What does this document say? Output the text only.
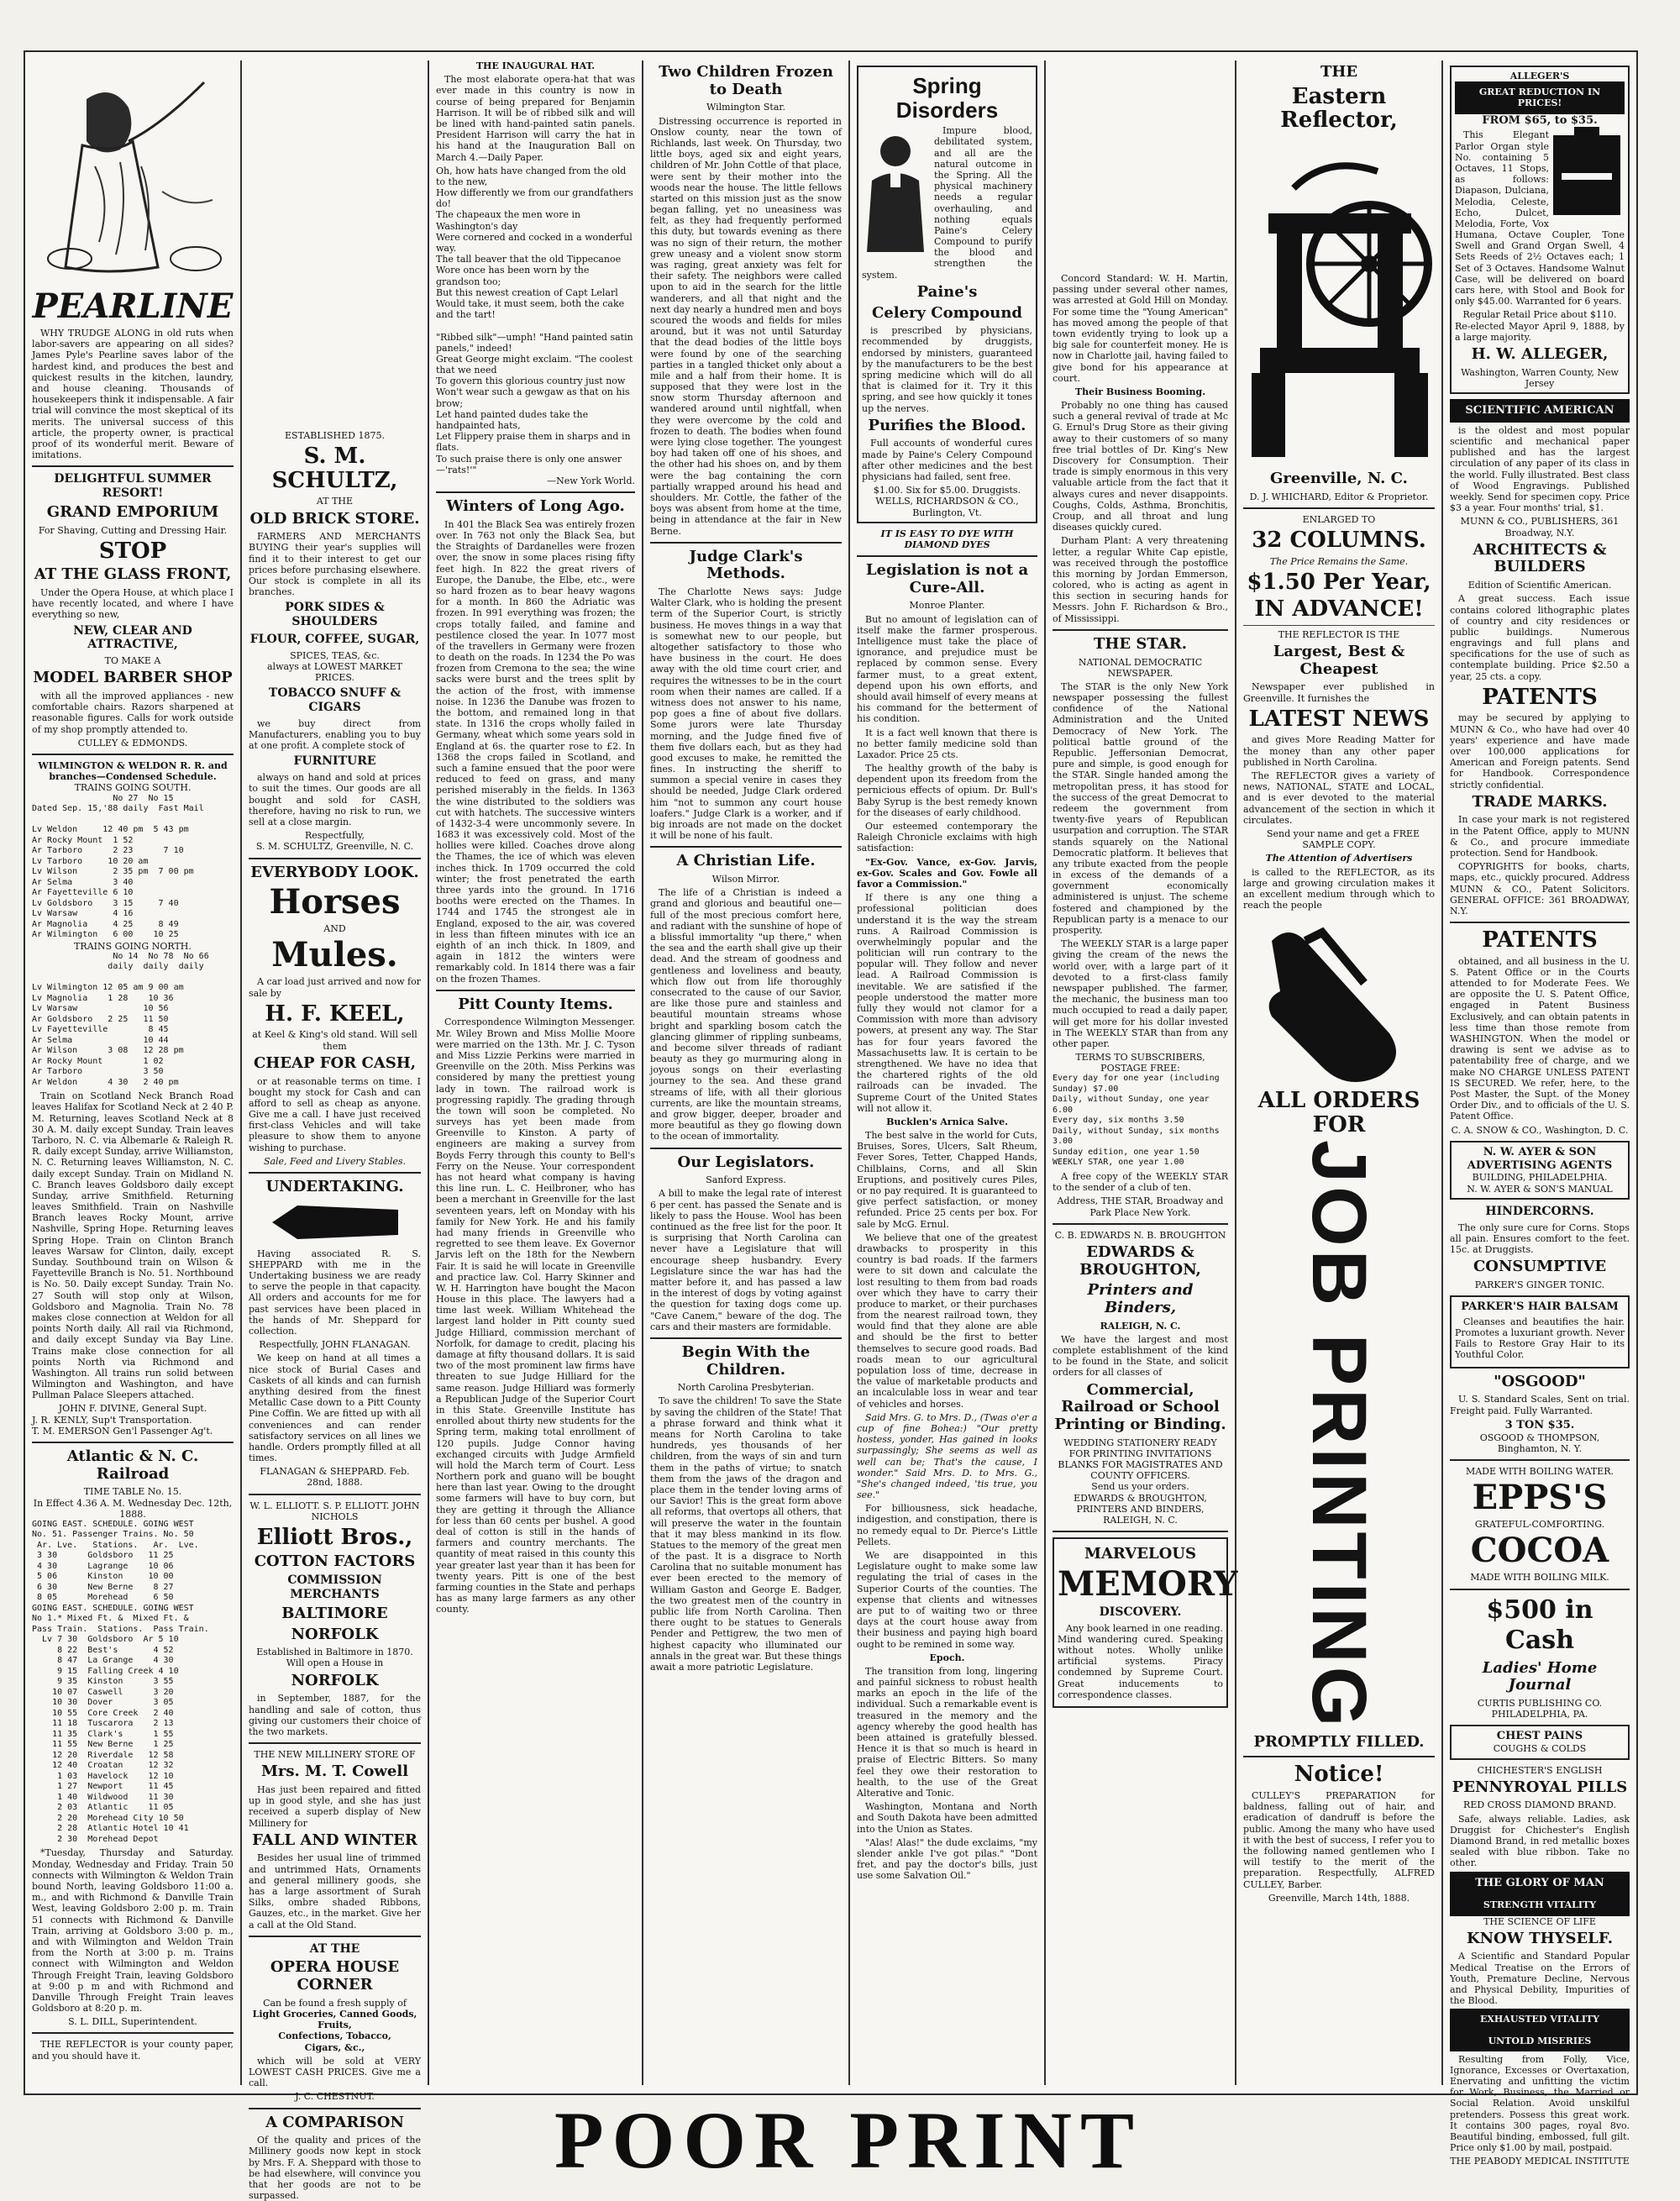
PEARLINE

WHY TRUDGE ALONG in old ruts when labor-savers are appearing on all sides? James Pyle's Pearline saves labor of the hardest kind, and produces the best and quickest results in the kitchen, laundry, and house cleaning. Thousands of housekeepers think it indispensable. A fair trial will convince the most skeptical of its merits. The universal success of this article, the property owner, is practical proof of its wonderful merit. Beware of imitations.

DELIGHTFUL SUMMER RESORT!
GRAND EMPORIUM
For Shaving, Cutting and Dressing Hair.
STOP
AT THE GLASS FRONT,

Under the Opera House, at which place I have recently located, and where I have everything so new,

NEW, CLEAR AND ATTRACTIVE,
TO MAKE A
MODEL BARBER SHOP

with all the improved appliances - new comfortable chairs. Razors sharpened at reasonable figures. Calls for work outside of my shop promptly attended to.

CULLEY & EDMONDS.
WILMINGTON & WELDON R. R. and branches—Condensed Schedule.
TRAINS GOING SOUTH.
No 27  No 15
Dated Sep. 15,'88 daily  Fast Mail

Lv Weldon     12 40 pm  5 43 pm
Ar Rocky Mount  1 52
Ar Tarboro      2 23      7 10
Lv Tarboro     10 20 am
Lv Wilson       2 35 pm  7 00 pm
Ar Selma        3 40
Ar Fayetteville 6 10
Lv Goldsboro    3 15     7 40
Lv Warsaw       4 16
Ar Magnolia     4 25     8 49
Ar Wilmington   6 00    10 25
TRAINS GOING NORTH.
No 14  No 78  No 66
daily  daily  daily

Lv Wilmington 12 05 am 9 00 am
Lv Magnolia    1 28    10 36
Lv Warsaw             10 56
Ar Goldsboro   2 25   11 50
Lv Fayetteville        8 45
Ar Selma              10 44
Ar Wilson      3 08   12 28 pm
Ar Rocky Mount        1 02
Ar Tarboro            3 50
Ar Weldon      4 30   2 40 pm

Train on Scotland Neck Branch Road leaves Halifax for Scotland Neck at 2 40 P. M. Returning, leaves Scotland Neck at 8 30 A. M. daily except Sunday. Train leaves Tarboro, N. C. via Albemarle & Raleigh R. R. daily except Sunday, arrive Williamston, N. C. Returning leaves Williamston, N. C. daily except Sunday. Train on Midland N. C. Branch leaves Goldsboro daily except Sunday, arrive Smithfield. Returning leaves Smithfield. Train on Nashville Branch leaves Rocky Mount, arrive Nashville, Spring Hope. Returning leaves Spring Hope. Train on Clinton Branch leaves Warsaw for Clinton, daily, except Sunday. Southbound train on Wilson & Fayetteville Branch is No. 51. Northbound is No. 50. Daily except Sunday. Train No. 27 South will stop only at Wilson, Goldsboro and Magnolia. Train No. 78 makes close connection at Weldon for all points North daily. All rail via Richmond, and daily except Sunday via Bay Line. Trains make close connection for all points North via Richmond and Washington. All trains run solid between Wilmington and Washington, and have Pullman Palace Sleepers attached.

JOHN F. DIVINE, General Supt.
J. R. KENLY, Sup't Transportation.
T. M. EMERSON Gen'l Passenger Ag't.
Atlantic & N. C. Railroad
TIME TABLE No. 15.
In Effect 4.36 A. M. Wednesday Dec. 12th, 1888.
GOING EAST. SCHEDULE. GOING WEST
No. 51. Passenger Trains. No. 50
Ar. Lve.   Stations.   Ar.  Lve.
3 30      Goldsboro   11 25
4 30      Lagrange    10 06
5 06      Kinston     10 00
6 30      New Berne    8 27
8 05      Morehead     6 50
GOING EAST. SCHEDULE. GOING WEST
No 1.* Mixed Ft. &  Mixed Ft. &
Pass Train.  Stations.  Pass Train.
Lv 7 30  Goldsboro  Ar 5 10
8 22  Best's       4 52
8 47  La Grange    4 30
9 15  Falling Creek 4 10
9 35  Kinston      3 55
10 07  Caswell      3 20
10 30  Dover        3 05
10 55  Core Creek   2 40
11 18  Tuscarora    2 13
11 35  Clark's      1 55
11 55  New Berne    1 25
12 20  Riverdale   12 58
12 40  Croatan     12 32
1 03  Havelock    12 10
1 27  Newport     11 45
1 40  Wildwood    11 30
2 03  Atlantic    11 05
2 20  Morehead City 10 50
2 28  Atlantic Hotel 10 41
2 30  Morehead Depot

*Tuesday, Thursday and Saturday. Monday, Wednesday and Friday. Train 50 connects with Wilmington & Weldon Train bound North, leaving Goldsboro 11:00 a. m., and with Richmond & Danville Train West, leaving Goldsboro 2:00 p. m. Train 51 connects with Richmond & Danville Train, arriving at Goldsboro 3:00 p. m., and with Wilmington and Weldon Train from the North at 3:00 p. m. Trains connect with Wilmington and Weldon Through Freight Train, leaving Goldsboro at 9:00 p m and with Richmond and Danville Through Freight Train leaves Goldsboro at 8:20 p. m.

S. L. DILL, Superintendent.

THE REFLECTOR is your county paper, and you should have it.

ESTABLISHED 1875.
S. M. SCHULTZ,
AT THE
OLD BRICK STORE.

FARMERS AND MERCHANTS BUYING their year's supplies will find it to their interest to get our prices before purchasing elsewhere. Our stock is complete in all its branches.

PORK SIDES & SHOULDERS
FLOUR, COFFEE, SUGAR,
SPICES, TEAS, &c.
always at LOWEST MARKET PRICES.
TOBACCO SNUFF & CIGARS

we buy direct from Manufacturers, enabling you to buy at one profit. A complete stock of

FURNITURE

always on hand and sold at prices to suit the times. Our goods are all bought and sold for CASH, therefore, having no risk to run, we sell at a close margin.

Respectfully,
S. M. SCHULTZ, Greenville, N. C.
EVERYBODY LOOK.
Horses
AND
Mules.

A car load just arrived and now for sale by

H. F. KEEL,
at Keel & King's old stand. Will sell them
CHEAP FOR CASH,

or at reasonable terms on time. I bought my stock for Cash and can afford to sell as cheap as anyone. Give me a call. I have just received first-class Vehicles and will take pleasure to show them to anyone wishing to purchase.

Sale, Feed and Livery Stables.
UNDERTAKING.

Having associated R. S. SHEPPARD with me in the Undertaking business we are ready to serve the people in that capacity. All orders and accounts for me for past services have been placed in the hands of Mr. Sheppard for collection.

Respectfully, JOHN FLANAGAN.

We keep on hand at all times a nice stock of Burial Cases and Caskets of all kinds and can furnish anything desired from the finest Metallic Case down to a Pitt County Pine Coffin. We are fitted up with all conveniences and can render satisfactory services on all lines we handle. Orders promptly filled at all times.

FLANAGAN & SHEPPARD. Feb. 28nd, 1888.
W. L. ELLIOTT. S. P. ELLIOTT. JOHN NICHOLS
Elliott Bros.,
COTTON FACTORS
COMMISSION MERCHANTS
BALTIMORE
NORFOLK
Established in Baltimore in 1870.
Will open a House in
NORFOLK

in September, 1887, for the handling and sale of cotton, thus giving our customers their choice of the two markets.

THE NEW MILLINERY STORE OF
Mrs. M. T. Cowell

Has just been repaired and fitted up in good style, and she has just received a superb display of New Millinery for

FALL AND WINTER

Besides her usual line of trimmed and untrimmed Hats, Ornaments and general millinery goods, she has a large assortment of Surah Silks, ombre shaded Ribbons, Gauzes, etc., in the market. Give her a call at the Old Stand.

AT THE
OPERA HOUSE CORNER
Can be found a fresh supply of
Light Groceries, Canned Goods, Fruits,
Confections, Tobacco,
Cigars, &c.,

which will be sold at VERY LOWEST CASH PRICES. Give me a call.

J. C. CHESTNUT.
A COMPARISON

Of the quality and prices of the Millinery goods now kept in stock by Mrs. F. A. Sheppard with those to be had elsewhere, will convince you that her goods are not to be surpassed.

THE INAUGURAL HAT.

The most elaborate opera-hat that was ever made in this country is now in course of being prepared for Benjamin Harrison. It will be of ribbed silk and will be lined with hand-painted satin panels. President Harrison will carry the hat in his hand at the Inauguration Ball on March 4.—Daily Paper.

Oh, how hats have changed from the old to the new,
How differently we from our grandfathers do!
The chapeaux the men wore in Washington's day
Were cornered and cocked in a wonderful way.
The tall beaver that the old Tippecanoe
Wore once has been worn by the grandson too;
But this newest creation of Capt Lelarl
Would take, it must seem, both the cake and the tart!

"Ribbed silk"—umph! "Hand painted satin panels," indeed!
Great George might exclaim. "The coolest that we need
To govern this glorious country just now
Won't wear such a gewgaw as that on his brow;
Let hand painted dudes take the handpainted hats,
Let Flippery praise them in sharps and in flats.
To such praise there is only one answer—'rats!'"
—New York World.
Winters of Long Ago.

In 401 the Black Sea was entirely frozen over. In 763 not only the Black Sea, but the Straights of Dardanelles were frozen over, the snow in some places rising fifty feet high. In 822 the great rivers of Europe, the Danube, the Elbe, etc., were so hard frozen as to bear heavy wagons for a month. In 860 the Adriatic was frozen. In 991 everything was frozen; the crops totally failed, and famine and pestilence closed the year. In 1077 most of the travellers in Germany were frozen to death on the roads. In 1234 the Po was frozen from Cremona to the sea; the wine sacks were burst and the trees split by the action of the frost, with immense noise. In 1236 the Danube was frozen to the bottom, and remained long in that state. In 1316 the crops wholly failed in Germany, wheat which some years sold in England at 6s. the quarter rose to £2. In 1368 the crops failed in Scotland, and such a famine ensued that the poor were reduced to feed on grass, and many perished miserably in the fields. In 1363 the wine distributed to the soldiers was cut with hatchets. The successive winters of 1432-3-4 were uncommonly severe. In 1683 it was excessively cold. Most of the hollies were killed. Coaches drove along the Thames, the ice of which was eleven inches thick. In 1709 occurred the cold winter; the frost penetrated the earth three yards into the ground. In 1716 booths were erected on the Thames. In 1744 and 1745 the strongest ale in England, exposed to the air, was covered in less than fifteen minutes with ice an eighth of an inch thick. In 1809, and again in 1812 the winters were remarkably cold. In 1814 there was a fair on the frozen Thames.

Pitt County Items.

Correspondence Wilmington Messenger. Mr. Wiley Brown and Miss Mollie Moore were married on the 13th. Mr. J. C. Tyson and Miss Lizzie Perkins were married in Greenville on the 20th. Miss Perkins was considered by many the prettiest young lady in town. The railroad work is progressing rapidly. The grading through the town will soon be completed. No surveys has yet been made from Greenville to Kinston. A party of engineers are making a survey from Boyds Ferry through this county to Bell's Ferry on the Neuse. Your correspondent has not heard what company is having this line run. L. C. Heilbroner, who has been a merchant in Greenville for the last seventeen years, left on Monday with his family for New York. He and his family had many friends in Greenville who regretted to see them leave. Ex Governor Jarvis left on the 18th for the Newbern Fair. It is said he will locate in Greenville and practice law. Col. Harry Skinner and W. H. Harrington have bought the Macon House in this place. The lawyers had a time last week. William Whitehead the largest land holder in Pitt county sued Judge Hilliard, commission merchant of Norfolk, for damage to credit, placing his damage at fifty thousand dollars. It is said two of the most prominent law firms have threaten to sue Judge Hilliard for the same reason. Judge Hilliard was formerly a Republican Judge of the Superior Court in this State. Greenville Institute has enrolled about thirty new students for the Spring term, making total enrollment of 120 pupils. Judge Connor having exchanged circuits with Judge Armfield will hold the March term of Court. Less Northern pork and guano will be bought here than last year. Owing to the drought some farmers will have to buy corn, but they are getting it through the Alliance for less than 60 cents per bushel. A good deal of cotton is still in the hands of farmers and country merchants. The quantity of meat raised in this county this year greater last year than it has been for twenty years. Pitt is one of the best farming counties in the State and perhaps has as many large farmers as any other county.

Two Children Frozen to Death
Wilmington Star.

Distressing occurrence is reported in Onslow county, near the town of Richlands, last week. On Thursday, two little boys, aged six and eight years, children of Mr. John Cottle of that place, were sent by their mother into the woods near the house. The little fellows started on this mission just as the snow began falling, yet no uneasiness was felt, as they had frequently performed this duty, but towards evening as there was no sign of their return, the mother grew uneasy and a violent snow storm was raging, great anxiety was felt for their safety. The neighbors were called upon to aid in the search for the little wanderers, and all that night and the next day nearly a hundred men and boys scoured the woods and fields for miles around, but it was not until Saturday that the dead bodies of the little boys were found by one of the searching parties in a tangled thicket only about a mile and a half from their home. It is supposed that they were lost in the snow storm Thursday afternoon and wandered around until nightfall, when they were overcome by the cold and frozen to death. The bodies when found were lying close together. The youngest boy had taken off one of his shoes, and the other had his shoes on, and by them were the bag containing the corn partially wrapped around his head and shoulders. Mr. Cottle, the father of the boys was absent from home at the time, being in attendance at the fair in New Berne.

Judge Clark's Methods.

The Charlotte News says: Judge Walter Clark, who is holding the present term of the Superior Court, is strictly business. He moves things in a way that is somewhat new to our people, but altogether satisfactory to those who have business in the court. He does away with the old time court crier, and requires the witnesses to be in the court room when their names are called. If a witness does not answer to his name, pop goes a fine of about five dollars. Some jurors were late Thursday morning, and the Judge fined five of them five dollars each, but as they had good excuses to make, he remitted the fines. In instructing the sheriff to summon a special venire in cases they should be needed, Judge Clark ordered him "not to summon any court house loafers." Judge Clark is a worker, and if big inroads are not made on the docket it will be none of his fault.

A Christian Life.
Wilson Mirror.

The life of a Christian is indeed a grand and glorious and beautiful one—full of the most precious comfort here, and radiant with the sunshine of hope of a blissful immortality "up there," when the sea and the earth shall give up their dead. And the stream of goodness and gentleness and loveliness and beauty, which flow out from life thoroughly consecrated to the cause of our Savior, are like those pure and stainless and beautiful mountain streams whose bright and sparkling bosom catch the glancing glimmer of rippling sunbeams, and become silver threads of radiant beauty as they go murmuring along in joyous songs on their everlasting journey to the sea. And these grand streams of life, with all their glorious currents, are like the mountain streams, and grow bigger, deeper, broader and more beautiful as they go flowing down to the ocean of immortality.

Our Legislators.
Sanford Express.

A bill to make the legal rate of interest 6 per cent. has passed the Senate and is likely to pass the House. Wool has been continued as the free list for the poor. It is surprising that North Carolina can never have a Legislature that will encourage sheep husbandry. Every Legislature since the war has had the matter before it, and has passed a law in the interest of dogs by voting against the question for taxing dogs come up. "Cave Canem," beware of the dog. The cars and their masters are formidable.

Begin With the Children.
North Carolina Presbyterian.

To save the children! To save the State by saving the children of the State! That a phrase forward and think what it means for North Carolina to take hundreds, yes thousands of her children, from the ways of sin and turn them in the paths of virtue; to snatch them from the jaws of the dragon and place them in the tender loving arms of our Savior! This is the great form above all reforms, that overtops all others, that will preserve the water in the fountain that it may bless mankind in its flow. Statues to the memory of the great men of the past. It is a disgrace to North Carolina that no suitable monument has ever been erected to the memory of William Gaston and George E. Badger, the two greatest men of the country in public life from North Carolina. Then there ought to be statues to Generals Pender and Pettigrew, the two men of highest capacity who illuminated our annals in the great war. But these things await a more patriotic Legislature.

Spring Disorders

Impure blood, debilitated system, and all are the natural outcome in the Spring. All the physical machinery needs a regular overhauling, and nothing equals Paine's Celery Compound to purify the blood and strengthen the system.

Paine's
Celery Compound

is prescribed by physicians, recommended by druggists, endorsed by ministers, guaranteed by the manufacturers to be the best spring medicine which will do all that is claimed for it. Try it this spring, and see how quickly it tones up the nerves.

Purifies the Blood.

Full accounts of wonderful cures made by Paine's Celery Compound after other medicines and the best physicians had failed, sent free.

$1.00. Six for $5.00. Druggists.
WELLS, RICHARDSON & CO., Burlington, Vt.
IT IS EASY TO DYE WITH DIAMOND DYES
Legislation is not a Cure-All.
Monroe Planter.

But no amount of legislation can of itself make the farmer prosperous. Intelligence must take the place of ignorance, and prejudice must be replaced by common sense. Every farmer must, to a great extent, depend upon his own efforts, and should avail himself of every means at his command for the betterment of his condition.

It is a fact well known that there is no better family medicine sold than Laxador. Price 25 cts.

The healthy growth of the baby is dependent upon its freedom from the pernicious effects of opium. Dr. Bull's Baby Syrup is the best remedy known for the diseases of early childhood.

Our esteemed contemporary the Raleigh Chronicle exclaims with high satisfaction:

"Ex-Gov. Vance, ex-Gov. Jarvis, ex-Gov. Scales and Gov. Fowle all favor a Commission."

If there is any one thing a professional politician does understand it is the way the stream runs. A Railroad Commission is overwhelmingly popular and the politician will run contrary to the popular will. They follow and never lead. A Railroad Commission is inevitable. We are satisfied if the people understood the matter more fully they would not clamor for a Commission with more than advisory powers, at present any way. The Star has for four years favored the Massachusetts law. It is certain to be strengthened. We have no idea that the chartered rights of the old railroads can be invaded. The Supreme Court of the United States will not allow it.

Bucklen's Arnica Salve.

The best salve in the world for Cuts, Bruises, Sores, Ulcers, Salt Rheum, Fever Sores, Tetter, Chapped Hands, Chilblains, Corns, and all Skin Eruptions, and positively cures Piles, or no pay required. It is guaranteed to give perfect satisfaction, or money refunded. Price 25 cents per box. For sale by McG. Ernul.

We believe that one of the greatest drawbacks to prosperity in this country is bad roads. If the farmers were to sit down and calculate the lost resulting to them from bad roads over which they have to carry their produce to market, or their purchases from the nearest railroad town, they would find that they alone are able and should be the first to better themselves to secure good roads. Bad roads mean to our agricultural population loss of time, decrease in the value of marketable products and an incalculable loss in wear and tear of vehicles and horses.

Said Mrs. G. to Mrs. D., (Twas o'er a cup of fine Bohea:) "Our pretty hostess, yonder, Has gained in looks surpassingly; She seems as well as well can be; That's the cause, I wonder." Said Mrs. D. to Mrs. G., "She's changed indeed, 'tis true, you see."

For billiousness, sick headache, indigestion, and constipation, there is no remedy equal to Dr. Pierce's Little Pellets.

We are disappointed in this Legislature ought to make some law regulating the trial of cases in the Superior Courts of the counties. The expense that clients and witnesses are put to of waiting two or three days at the court house away from their business and paying high board ought to be remined in some way.

Epoch.

The transition from long, lingering and painful sickness to robust health marks an epoch in the life of the individual. Such a remarkable event is treasured in the memory and the agency whereby the good health has been attained is gratefully blessed. Hence it is that so much is heard in praise of Electric Bitters. So many feel they owe their restoration to health, to the use of the Great Alterative and Tonic.

Washington, Montana and North and South Dakota have been admitted into the Union as States.

"Alas! Alas!" the dude exclaims, "my slender ankle I've got pilas." "Dont fret, and pay the doctor's bills, just use some Salvation Oil."

Concord Standard: W. H. Martin, passing under several other names, was arrested at Gold Hill on Monday. For some time the "Young American" has moved among the people of that town evidently trying to look up a big sale for counterfeit money. He is now in Charlotte jail, having failed to give bond for his appearance at court.

Their Business Booming.

Probably no one thing has caused such a general revival of trade at Mc G. Ernul's Drug Store as their giving away to their customers of so many free trial bottles of Dr. King's New Discovery for Consumption. Their trade is simply enormous in this very valuable article from the fact that it always cures and never disappoints. Coughs, Colds, Asthma, Bronchitis, Croup, and all throat and lung diseases quickly cured.

Durham Plant: A very threatening letter, a regular White Cap epistle, was received through the postoffice this morning by Jordan Emmerson, colored, who is acting as agent in this section in securing hands for Messrs. John F. Richardson & Bro., of Mississippi.

THE STAR.
NATIONAL DEMOCRATIC NEWSPAPER.

The STAR is the only New York newspaper possessing the fullest confidence of the National Administration and the United Democracy of New York. The political battle ground of the Republic. Jeffersonian Democrat, pure and simple, is good enough for the STAR. Single handed among the metropolitan press, it has stood for the success of the great Democrat to redeem the government from twenty-five years of Republican usurpation and corruption. The STAR stands squarely on the National Democratic platform. It believes that any tribute exacted from the people in excess of the demands of a government economically administered is unjust. The scheme fostered and championed by the Republican party is a menace to our prosperity.

The WEEKLY STAR is a large paper giving the cream of the news the world over, with a large part of it devoted to a first-class family newspaper published. The farmer, the mechanic, the business man too much occupied to read a daily paper, will get more for his dollar invested in The WEEKLY STAR than from any other paper.

TERMS TO SUBSCRIBERS, POSTAGE FREE:
Every day for one year (including Sunday) $7.00
Daily, without Sunday, one year 6.00
Every day, six months 3.50
Daily, without Sunday, six months 3.00
Sunday edition, one year 1.50
WEEKLY STAR, one year 1.00

A free copy of the WEEKLY STAR to the sender of a club of ten.

Address, THE STAR, Broadway and Park Place New York.
C. B. EDWARDS N. B. BROUGHTON
EDWARDS & BROUGHTON,
Printers and Binders,
RALEIGH, N. C.

We have the largest and most complete establishment of the kind to be found in the State, and solicit orders for all classes of

Commercial, Railroad or School Printing or Binding.
WEDDING STATIONERY READY FOR PRINTING INVITATIONS
BLANKS FOR MAGISTRATES AND COUNTY OFFICERS.
Send us your orders.
EDWARDS & BROUGHTON, PRINTERS AND BINDERS, RALEIGH, N. C.
MARVELOUS
MEMORY
DISCOVERY.

Any book learned in one reading. Mind wandering cured. Speaking without notes. Wholly unlike artificial systems. Piracy condemned by Supreme Court. Great inducements to correspondence classes.

THE
Eastern Reflector,
Greenville, N. C.
D. J. WHICHARD, Editor & Proprietor.
ENLARGED TO
32 COLUMNS.
The Price Remains the Same.
$1.50 Per Year,
IN ADVANCE!
THE REFLECTOR IS THE
Largest, Best & Cheapest

Newspaper ever published in Greenville. It furnishes the

LATEST NEWS

and gives More Reading Matter for the money than any other paper published in North Carolina.

The REFLECTOR gives a variety of news, NATIONAL, STATE and LOCAL, and is ever devoted to the material advancement of the section in which it circulates.

Send your name and get a FREE SAMPLE COPY.

The Attention of Advertisers

is called to the REFLECTOR, as its large and growing circulation makes it an excellent medium through which to reach the people

ALL ORDERS FOR
JOB PRINTING
PROMPTLY FILLED.
Notice!

CULLEY'S PREPARATION for baldness, falling out of hair, and eradication of dandruff is before the public. Among the many who have used it with the best of success, I refer you to the following named gentlemen who I will testify to the merit of the preparation. Respectfully, ALFRED CULLEY, Barber.

Greenville, March 14th, 1888.
ALLEGER'S
GREAT REDUCTION IN PRICES!
FROM $65, to $35.

This Elegant Parlor Organ style No. containing 5 Octaves, 11 Stops, as follows: Diapason, Dulciana, Melodia, Celeste, Echo, Dulcet, Melodia, Forte, Vox Humana, Octave Coupler, Tone Swell and Grand Organ Swell, 4 Sets Reeds of 2½ Octaves each; 1 Set of 3 Octaves. Handsome Walnut Case, will be delivered on board cars here, with Stool and Book for only $45.00. Warranted for 6 years.

Regular Retail Price about $110.
Re-elected Mayor April 9, 1888, by a large majority.
H. W. ALLEGER,
Washington, Warren County, New Jersey
SCIENTIFIC AMERICAN

is the oldest and most popular scientific and mechanical paper published and has the largest circulation of any paper of its class in the world. Fully illustrated. Best class of Wood Engravings. Published weekly. Send for specimen copy. Price $3 a year. Four months' trial, $1.

MUNN & CO., PUBLISHERS, 361 Broadway, N.Y.
ARCHITECTS & BUILDERS
Edition of Scientific American.

A great success. Each issue contains colored lithographic plates of country and city residences or public buildings. Numerous engravings and full plans and specifications for the use of such as contemplate building. Price $2.50 a year, 25 cts. a copy.

PATENTS

may be secured by applying to MUNN & Co., who have had over 40 years' experience and have made over 100,000 applications for American and Foreign patents. Send for Handbook. Correspondence strictly confidential.

TRADE MARKS.

In case your mark is not registered in the Patent Office, apply to MUNN & Co., and procure immediate protection. Send for Handbook.

COPYRIGHTS for books, charts, maps, etc., quickly procured. Address MUNN & CO., Patent Solicitors. GENERAL OFFICE: 361 BROADWAY, N.Y.

PATENTS

obtained, and all business in the U. S. Patent Office or in the Courts attended to for Moderate Fees. We are opposite the U. S. Patent Office, engaged in Patent Business Exclusively, and can obtain patents in less time than those remote from WASHINGTON. When the model or drawing is sent we advise as to patentability free of charge, and we make NO CHARGE UNLESS PATENT IS SECURED. We refer, here, to the Post Master, the Supt. of the Money Order Div., and to officials of the U. S. Patent Office.

C. A. SNOW & CO., Washington, D. C.
N. W. AYER & SON ADVERTISING AGENTS
BUILDING, PHILADELPHIA.
N. W. AYER & SON'S MANUAL
HINDERCORNS.

The only sure cure for Corns. Stops all pain. Ensures comfort to the feet. 15c. at Druggists.

CONSUMPTIVE
PARKER'S GINGER TONIC.
PARKER'S HAIR BALSAM

Cleanses and beautifies the hair. Promotes a luxuriant growth. Never Fails to Restore Gray Hair to its Youthful Color.

"OSGOOD"

U. S. Standard Scales, Sent on trial. Freight paid. Fully Warranted.

3 TON $35.
OSGOOD & THOMPSON, Binghamton, N. Y.
MADE WITH BOILING WATER.
EPPS'S
GRATEFUL-COMFORTING.
COCOA
MADE WITH BOILING MILK.
$500 in Cash
Ladies' Home Journal
CURTIS PUBLISHING CO. PHILADELPHIA, PA.
CHEST PAINS
COUGHS & COLDS
CHICHESTER'S ENGLISH
PENNYROYAL PILLS
RED CROSS DIAMOND BRAND.

Safe, always reliable. Ladies, ask Druggist for Chichester's English Diamond Brand, in red metallic boxes sealed with blue ribbon. Take no other.

THE GLORY OF MAN
STRENGTH VITALITY
THE SCIENCE OF LIFE
KNOW THYSELF.

A Scientific and Standard Popular Medical Treatise on the Errors of Youth, Premature Decline, Nervous and Physical Debility, Impurities of the Blood.

EXHAUSTED VITALITY
UNTOLD MISERIES

Resulting from Folly, Vice, Ignorance, Excesses or Overtaxation, Enervating and unfitting the victim for Work, Business, the Married or Social Relation. Avoid unskilful pretenders. Possess this great work. It contains 300 pages, royal 8vo. Beautiful binding, embossed, full gilt. Price only $1.00 by mail, postpaid.

THE PEABODY MEDICAL INSTITUTE
POOR PRINT
